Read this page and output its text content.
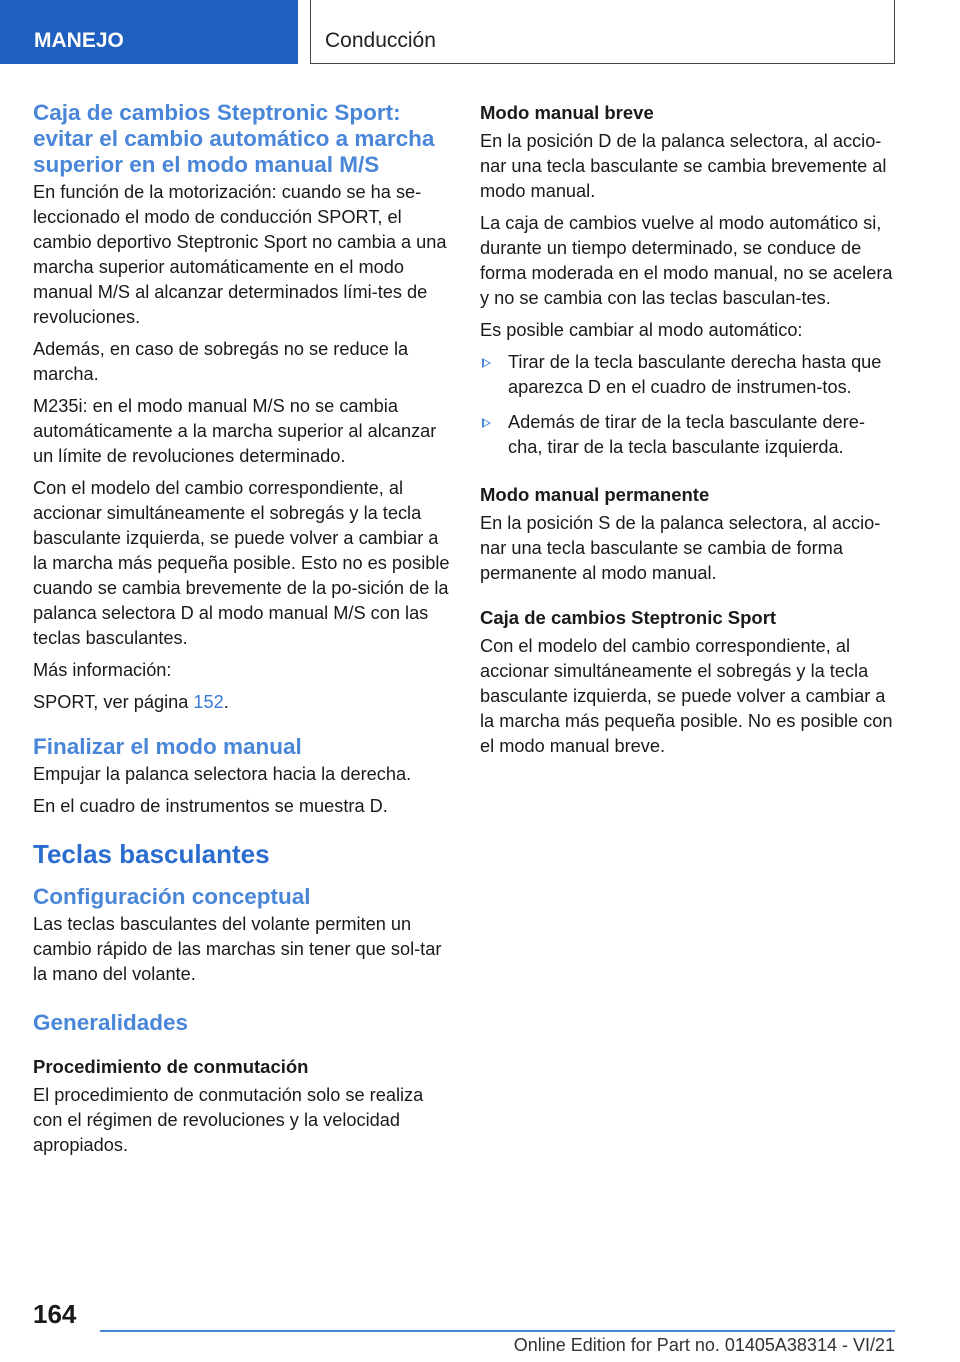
MANEJO	Conducción
Caja de cambios Steptronic Sport: evitar el cambio automático a marcha superior en el modo manual M/S

En función de la motorización: cuando se ha se-leccionado el modo de conducción SPORT, el cambio deportivo Steptronic Sport no cambia a una marcha superior automáticamente en el modo manual M/S al alcanzar determinados lími-tes de revoluciones.

Además, en caso de sobregás no se reduce la marcha.

M235i: en el modo manual M/S no se cambia automáticamente a la marcha superior al alcanzar un límite de revoluciones determinado.

Con el modelo del cambio correspondiente, al accionar simultáneamente el sobregás y la tecla basculante izquierda, se puede volver a cambiar a la marcha más pequeña posible. Esto no es posible cuando se cambia brevemente de la po-sición de la palanca selectora D al modo manual M/S con las teclas basculantes.

Más información:

SPORT, ver página 152.

Finalizar el modo manual

Empujar la palanca selectora hacia la derecha.

En el cuadro de instrumentos se muestra D.

Teclas basculantes
Configuración conceptual

Las teclas basculantes del volante permiten un cambio rápido de las marchas sin tener que sol-tar la mano del volante.

Generalidades
Procedimiento de conmutación

El procedimiento de conmutación solo se realiza con el régimen de revoluciones y la velocidad apropiados.

Modo manual breve

En la posición D de la palanca selectora, al accio-nar una tecla basculante se cambia brevemente al modo manual.

La caja de cambios vuelve al modo automático si, durante un tiempo determinado, se conduce de forma moderada en el modo manual, no se acelera y no se cambia con las teclas basculan-tes.

Es posible cambiar al modo automático:

Tirar de la tecla basculante derecha hasta que aparezca D en el cuadro de instrumen-tos.
Además de tirar de la tecla basculante dere-cha, tirar de la tecla basculante izquierda.
Modo manual permanente

En la posición S de la palanca selectora, al accio-nar una tecla basculante se cambia de forma permanente al modo manual.

Caja de cambios Steptronic Sport

Con el modelo del cambio correspondiente, al accionar simultáneamente el sobregás y la tecla basculante izquierda, se puede volver a cambiar a la marcha más pequeña posible. No es posible con el modo manual breve.

164
Online Edition for Part no. 01405A38314 - VI/21
